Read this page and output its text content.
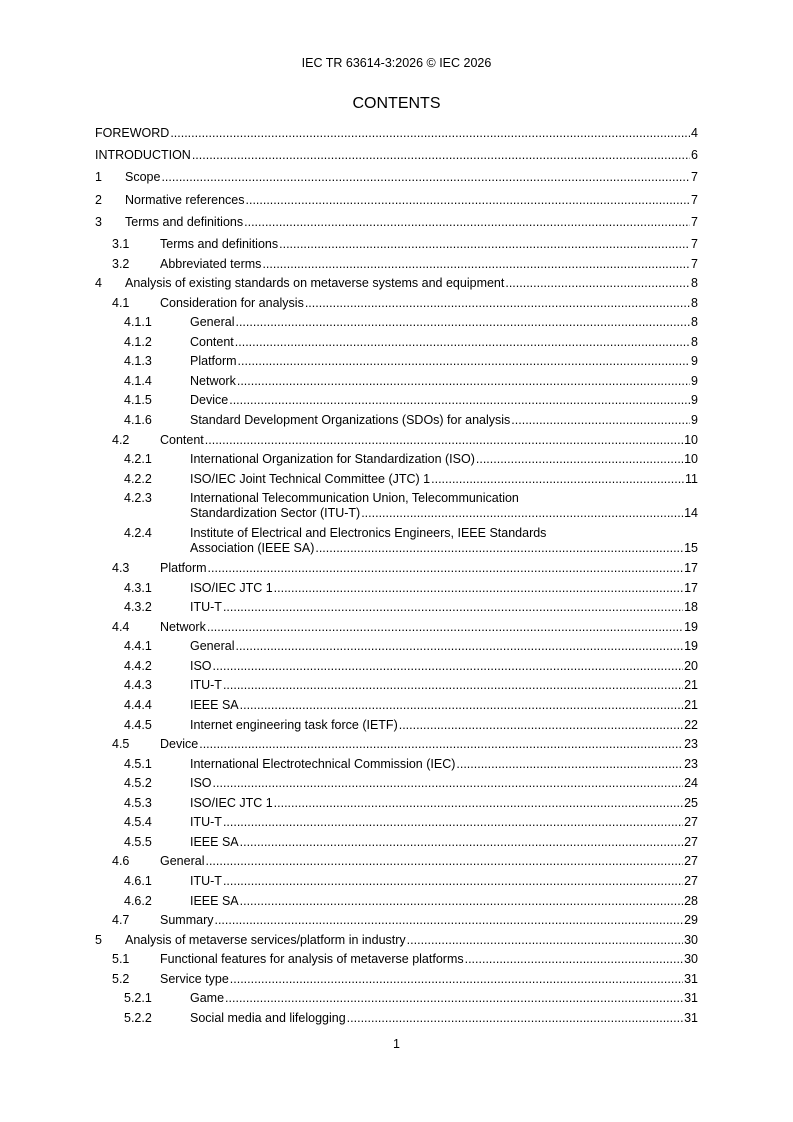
IEC TR 63614-3:2026 © IEC 2026
CONTENTS
FOREWORD .....	4
INTRODUCTION .....	6
1 Scope .....	7
2 Normative references .....	7
3 Terms and definitions .....	7
3.1 Terms and definitions .....	7
3.2 Abbreviated terms .....	7
4 Analysis of existing standards on metaverse systems and equipment .....	8
4.1 Consideration for analysis .....	8
4.1.1	General .....	8
4.1.2	Content .....	8
4.1.3	Platform .....	9
4.1.4	Network .....	9
4.1.5	Device .....	9
4.1.6	Standard Development Organizations (SDOs) for analysis .....	9
4.2 Content .....	10
4.2.1	International Organization for Standardization (ISO) .....	10
4.2.2	ISO/IEC Joint Technical Committee (JTC) 1 .....	11
4.2.3	International Telecommunication Union, Telecommunication
Standardization Sector (ITU-T) .....	14
4.2.4	Institute of Electrical and Electronics Engineers, IEEE Standards
Association (IEEE SA) .....	15
4.3 Platform .....	17
4.3.1	ISO/IEC JTC 1 .....	17
4.3.2	ITU-T .....	18
4.4 Network .....	19
4.4.1	General .....	19
4.4.2	ISO .....	20
4.4.3	ITU-T .....	21
4.4.4	IEEE SA .....	21
4.4.5	Internet engineering task force (IETF) .....	22
4.5 Device .....	23
4.5.1	International Electrotechnical Commission (IEC) .....	23
4.5.2	ISO .....	24
4.5.3	ISO/IEC JTC 1 .....	25
4.5.4	ITU-T .....	27
4.5.5	IEEE SA .....	27
4.6 General .....	27
4.6.1	ITU-T .....	27
4.6.2	IEEE SA .....	28
4.7 Summary .....	29
5 Analysis of metaverse services/platform in industry .....	30
5.1 Functional features for analysis of metaverse platforms .....	30
5.2 Service type .....	31
5.2.1	Game .....	31
5.2.2	Social media and lifelogging .....	31
1
